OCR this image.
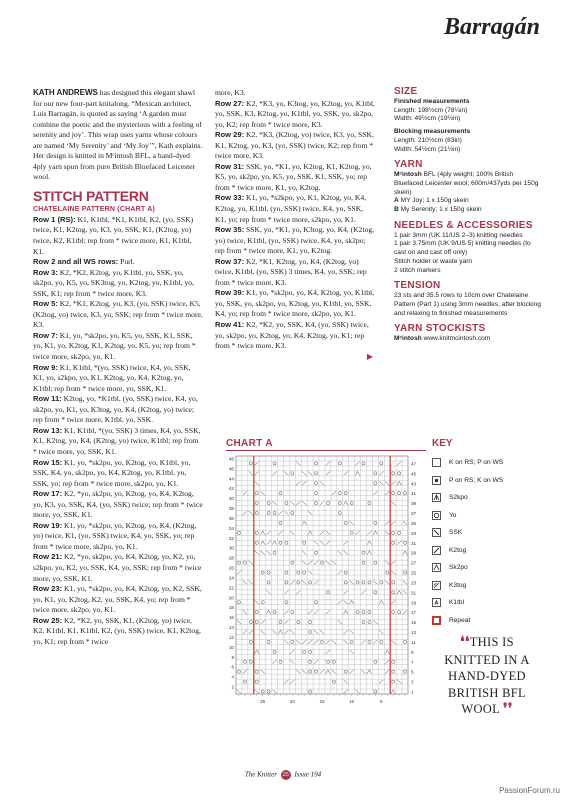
Barragán

KATH ANDREWS has designed this elegant shawl for our new four-part knitalong. “Mexican architect, Luis Barragán, is quoted as saying ‘A garden must combine the poetic and the mysterious with a feeling of serenity and joy’. This wrap uses yarns whose colours are named ‘My Serenity’ and ‘My Joy’”, Kath explains. Her design is knitted in Mᶜintosh BFL, a hand-dyed 4ply yarn spun from pure British Bluefaced Leicester wool.

STITCH PATTERN
CHATELAINE PATTERN (CHART A)

Row 1 (RS): K1, K1tbl, *K1, K1tbl, K2, (yo, SSK) twice, K1, K2tog, yo, K3, yo, SSK, K1, (K2tog, yo) twice, K2, K1tbl; rep from * twice more, K1, K1tbl, K1.

Row 2 and all WS rows: Purl.

Row 3: K2, *K2, K2tog, yo, K1tbl, yo, SSK, yo, sk2po, yo, K5, yo, SK3tog, yo, K2tog, yo, K1tbl, yo, SSK, K1; rep from * twice more, K3.

Row 5: K2, *K1, K2tog, yo, K3, (yo, SSK) twice, K5, (K2tog, yo) twice, K3, yo, SSK; rep from * twice more, K3.

Row 7: K1, yo, *sk2po, yo, K5, yo, SSK, K1, SSK, yo, K1, yo, K2tog, K1, K2tog, yo, K5, yo; rep from * twice more, sk2po, yo, K1.

Row 9: K1, K1tbl, *(yo, SSK) twice, K4, yo, SSK, K1, yo, s2kpo, yo, K1, K2tog, yo, K4, K2tog, yo, K1tbl; rep from * twice more, yo, SSK, K1.

Row 11: K2tog, yo, *K1tbl, (yo, SSK) twice, K4, yo, sk2po, yo, K1, yo, K3tog, yo, K4, (K2tog, yo) twice; rep from * twice more, K1tbl, yo, SSK.

Row 13: K1, K1tbl, *(yo, SSK) 3 times, K4, yo, SSK, K1, K2tog, yo, K4, (K2tog, yo) twice, K1tbl; rep from * twice more, yo, SSK, K1.

Row 15: K1, yo, *sk2po, yo, K2tog, yo, K1tbl, yo, SSK, K4, yo, sk2po, yo, K4, K2tog, yo, K1tbl, yo, SSK, yo; rep from * twice more, sk2po, yo, K1.

Row 17: K2, *yo, sk2po, yo, K2tog, yo, K4, K2tog, yo, K3, yo, SSK, K4, (yo, SSK) twice; rep from * twice more, yo, SSK, K1.

Row 19: K1, yo, *sk2po, yo, K2tog, yo, K4, (K2tog, yo) twice, K1, (yo, SSK) twice, K4, yo, SSK, yo; rep from * twice more, sk2po, yo, K1.

Row 21: K2, *yo, sk2po, yo, K4, K2tog, yo, K2, yo, s2kpo, yo, K2, yo, SSK, K4, yo, SSK; rep from * twice more, yo, SSK, K1.

Row 23: K1, yo, *sk2po, yo, K4, K2tog, yo, K2, SSK, yo, K1, yo, K2tog, K2, yo, SSK, K4, yo; rep from * twice more, sk2po, yo, K1.

Row 25: K2, *K2, yo, SSK, K1, (K2tog, yo) twice, K2, K1tbl, K1, K1tbl, K2, (yo, SSK) twice, K1, K2tog, yo, K1; rep from * twice

more, K3.

Row 27: K2, *K3, yo, K3tog, yo, K2tog, yo, K1tbl, yo, SSK, K3, K2tog, yo, K1tbl, yo, SSK, yo, sk2po, yo, K2; rep from * twice more, K3.

Row 29: K2, *K3, (K2tog, yo) twice, K3, yo, SSK, K1, K2tog, yo, K3, (yo, SSK) twice, K2; rep from * twice more, K3.

Row 31: SSK, yo, *K1, yo, K2tog, K1, K2tog, yo, K5, yo, sk2po, yo, K5, yo, SSK, K1, SSK, yo; rep from * twice more, K1, yo, K2tog.

Row 33: K1, yo, *s2kpo, yo, K1, K2tog, yo, K4, K2tog, yo, K1tbl, (yo, SSK) twice, K4, yo, SSK, K1, yo; rep from * twice more, s2kpo, yo, K1.

Row 35: SSK, yo, *K1, yo, K3tog, yo, K4, (K2tog, yo) twice, K1tbl, (yo, SSK) twice, K4, yo, sk2po; rep from * twice more, K1, yo, K2tog.

Row 37: K2, *K1, K2tog, yo, K4, (K2tog, yo) twice, K1tbl, (yo, SSK) 3 times, K4, yo, SSK; rep from * twice more, K3.

Row 39: K1, yo, *sk2po, yo, K4, K2tog, yo, K1tbl, yo, SSK, yo, sk2po, yo, K2tog, yo, K1tbl, yo, SSK, K4, yo; rep from * twice more, sk2po, yo, K1.

Row 41: K2, *K2, yo, SSK, K4, (yo, SSK) twice, yo, sk2po, yo, K2tog, yo, K4, K2tog, yo, K1; rep from * twice more, K3.

▶
SIZE

Finished measurements

Length: 198½cm (78¼in)

Width: 49½cm (19½in)

Blocking measurements

Length: 210½cm (83in)

Width: 54½cm (21½in)

YARN

Mᶜintosh BFL (4ply weight; 100% British Bluefaced Leicester wool; 600m/437yds per 150g skein)

A MY Joy; 1 x 150g skein

B My Serenity; 1 x 150g skein

NEEDLES & ACCESSORIES

1 pair 3mm (UK 11/US 2–3) knitting needles

1 pair 3.75mm (UK 9/US 5) knitting needles (to cast on and cast off only)

Stitch holder or waste yarn

2 stitch markers

TENSION

23 sts and 35.5 rows to 10cm over Chatelaine Pattern (Part 1) using 3mm needles, after blocking and relaxing to finished measurements

YARN STOCKISTS

Mᶜintosh www.knitmcintosh.com

CHART A
48
46
44
42
40
38
36
34
32
30
28
26
24
22
20
18
16
14
12
10
8
6
4
2
47
45
43
41
39
37
35
33
31
29
27
25
23
21
19
17
15
13
11
9
7
5
3
1
25	20	15	10	5
KEY
K on RS; P on WS
P on RS; K on WS
S2kpo
Yo
SSK
K2tog
Sk2po
K3tog
K1tbl
Repeat
❛❛THIS IS KNITTED IN A HAND-DYED BRITISH BFL WOOL ❜❜
The Knitter 25 Issue 194
PassionForum.ru
